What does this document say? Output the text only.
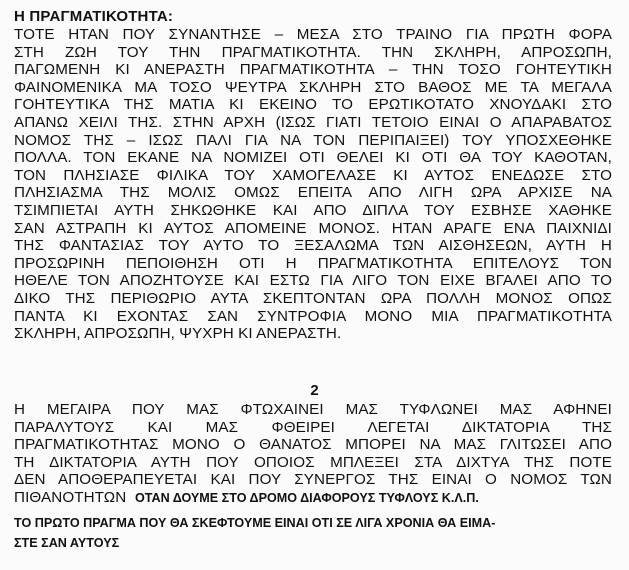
Η ΠΡΑΓΜΑΤΙΚΟΤΗΤΑ:
ΤΟΤΕ ΗΤΑΝ ΠΟΥ ΣΥΝΑΝΤΗΣΕ – ΜΕΣΑ ΣΤΟ ΤΡΑΙΝΟ ΓΙΑ ΠΡΩΤΗ ΦΟΡΑ
ΣΤΗ ΖΩΗ ΤΟΥ ΤΗΝ ΠΡΑΓΜΑΤΙΚΟΤΗΤΑ. ΤΗΝ ΣΚΛΗΡΗ, ΑΠΡΟΣΩΠΗ,
ΠΑΓΩΜΕΝΗ ΚΙ ΑΝΕΡΑΣΤΗ ΠΡΑΓΜΑΤΙΚΟΤΗΤΑ – ΤΗΝ ΤΟΣΟ ΓΟΗΤΕΥΤΙΚΗ
ΦΑΙΝΟΜΕΝΙΚΑ ΜΑ ΤΟΣΟ ΨΕΥΤΡΑ ΣΚΛΗΡΗ ΣΤΟ ΒΑΘΟΣ ΜΕ ΤΑ ΜΕΓΑΛΑ
ΓΟΗΤΕΥΤΙΚΑ ΤΗΣ ΜΑΤΙΑ ΚΙ ΕΚΕΙΝΟ ΤΟ ΕΡΩΤΙΚΟΤΑΤΟ ΧΝΟΥΔΑΚΙ ΣΤΟ
ΑΠΑΝΩ ΧΕΙΛΙ ΤΗΣ. ΣΤΗΝ ΑΡΧΗ (ΙΣΩΣ ΓΙΑΤΙ ΤΕΤΟΙΟ ΕΙΝΑΙ Ο ΑΠΑΡΑΒΑΤΟΣ
ΝΟΜΟΣ ΤΗΣ – ΙΣΩΣ ΠΑΛΙ ΓΙΑ ΝΑ ΤΟΝ ΠΕΡΙΠΑΙΞΕΙ) ΤΟΥ ΥΠΟΣΧΕΘΗΚΕ
ΠΟΛΛΑ. ΤΟΝ ΕΚΑΝΕ ΝΑ ΝΟΜΙΖΕΙ ΟΤΙ ΘΕΛΕΙ ΚΙ ΟΤΙ ΘΑ ΤΟΥ ΚΑΘΟΤΑΝ,
ΤΟΝ ΠΛΗΣΙΑΣΕ ΦΙΛΙΚΑ ΤΟΥ ΧΑΜΟΓΕΛΑΣΕ ΚΙ ΑΥΤΟΣ ΕΝΕΔΩΣΕ ΣΤΟ
ΠΛΗΣΙΑΣΜΑ ΤΗΣ ΜΟΛΙΣ ΟΜΩΣ ΕΠΕΙΤΑ ΑΠΟ ΛΙΓΗ ΩΡΑ ΑΡΧΙΣΕ ΝΑ
ΤΣΙΜΠΙΕΤΑΙ ΑΥΤΗ ΣΗΚΩΘΗΚΕ ΚΑΙ ΑΠΟ ΔΙΠΛΑ ΤΟΥ ΕΣΒΗΣΕ ΧΑΘΗΚΕ
ΣΑΝ ΑΣΤΡΑΠΗ ΚΙ ΑΥΤΟΣ ΑΠΟΜΕΙΝΕ ΜΟΝΟΣ. ΗΤΑΝ ΑΡΑΓΕ ΕΝΑ ΠΑΙΧΝΙΔΙ
ΤΗΣ ΦΑΝΤΑΣΙΑΣ ΤΟΥ ΑΥΤΟ ΤΟ ΞΕΣΑΛΩΜΑ ΤΩΝ ΑΙΣΘΗΣΕΩΝ, ΑΥΤΗ Η
ΠΡΟΣΩΡΙΝΗ ΠΕΠΟΙΘΗΣΗ ΟΤΙ Η ΠΡΑΓΜΑΤΙΚΟΤΗΤΑ ΕΠΙΤΕΛΟΥΣ ΤΟΝ
ΗΘΕΛΕ ΤΟΝ ΑΠΟΖΗΤΟΥΣΕ ΚΑΙ ΕΣΤΩ ΓΙΑ ΛΙΓΟ ΤΟΝ ΕΙΧΕ ΒΓΑΛΕΙ ΑΠΟ ΤΟ
ΔΙΚΟ ΤΗΣ ΠΕΡΙΘΩΡΙΟ ΑΥΤΑ ΣΚΕΠΤΟΝΤΑΝ ΩΡΑ ΠΟΛΛΗ ΜΟΝΟΣ ΟΠΩΣ
ΠΑΝΤΑ ΚΙ ΕΧΟΝΤΑΣ ΣΑΝ ΣΥΝΤΡΟΦΙΑ ΜΟΝΟ ΜΙΑ ΠΡΑΓΜΑΤΙΚΟΤΗΤΑ
ΣΚΛΗΡΗ, ΑΠΡΟΣΩΠΗ, ΨΥΧΡΗ ΚΙ ΑΝΕΡΑΣΤΗ.
2
Η ΜΕΓΑΙΡΑ ΠΟΥ ΜΑΣ ΦΤΩΧΑΙΝΕΙ ΜΑΣ ΤΥΦΛΩΝΕΙ ΜΑΣ ΑΦΗΝΕΙ
ΠΑΡΑΛΥΤΟΥΣ ΚΑΙ ΜΑΣ ΦΘΕΙΡΕΙ ΛΕΓΕΤΑΙ ΔΙΚΤΑΤΟΡΙΑ ΤΗΣ
ΠΡΑΓΜΑΤΙΚΟΤΗΤΑΣ ΜΟΝΟ Ο ΘΑΝΑΤΟΣ ΜΠΟΡΕΙ ΝΑ ΜΑΣ ΓΛΙΤΩΣΕΙ ΑΠΟ
ΤΗ ΔΙΚΤΑΤΟΡΙΑ ΑΥΤΗ ΠΟΥ ΟΠΟΙΟΣ ΜΠΛΕΞΕΙ ΣΤΑ ΔΙΧΤΥΑ ΤΗΣ ΠΟΤΕ
ΔΕΝ ΑΠΟΘΕΡΑΠΕΥΕΤΑΙ ΚΑΙ ΠΟΥ ΣΥΝΕΡΓΟΣ ΤΗΣ ΕΙΝΑΙ Ο ΝΟΜΟΣ ΤΩΝ
ΠΙΘΑΝΟΤΗΤΩΝ ΟΤΑΝ ΔΟΥΜΕ ΣΤΟ ΔΡΟΜΟ ΔΙΑΦΟΡΟΥΣ ΤΥΦΛΟΥΣ Κ.Λ.Π.
ΤΟ ΠΡΩΤΟ ΠΡΑΓΜΑ ΠΟΥ ΘΑ ΣΚΕΦΤΟΥΜΕ ΕΙΝΑΙ ΟΤΙ ΣΕ ΛΙΓΑ ΧΡΟΝΙΑ ΘΑ ΕΙΜΑ-
ΣΤΕ ΣΑΝ ΑΥΤΟΥΣ
